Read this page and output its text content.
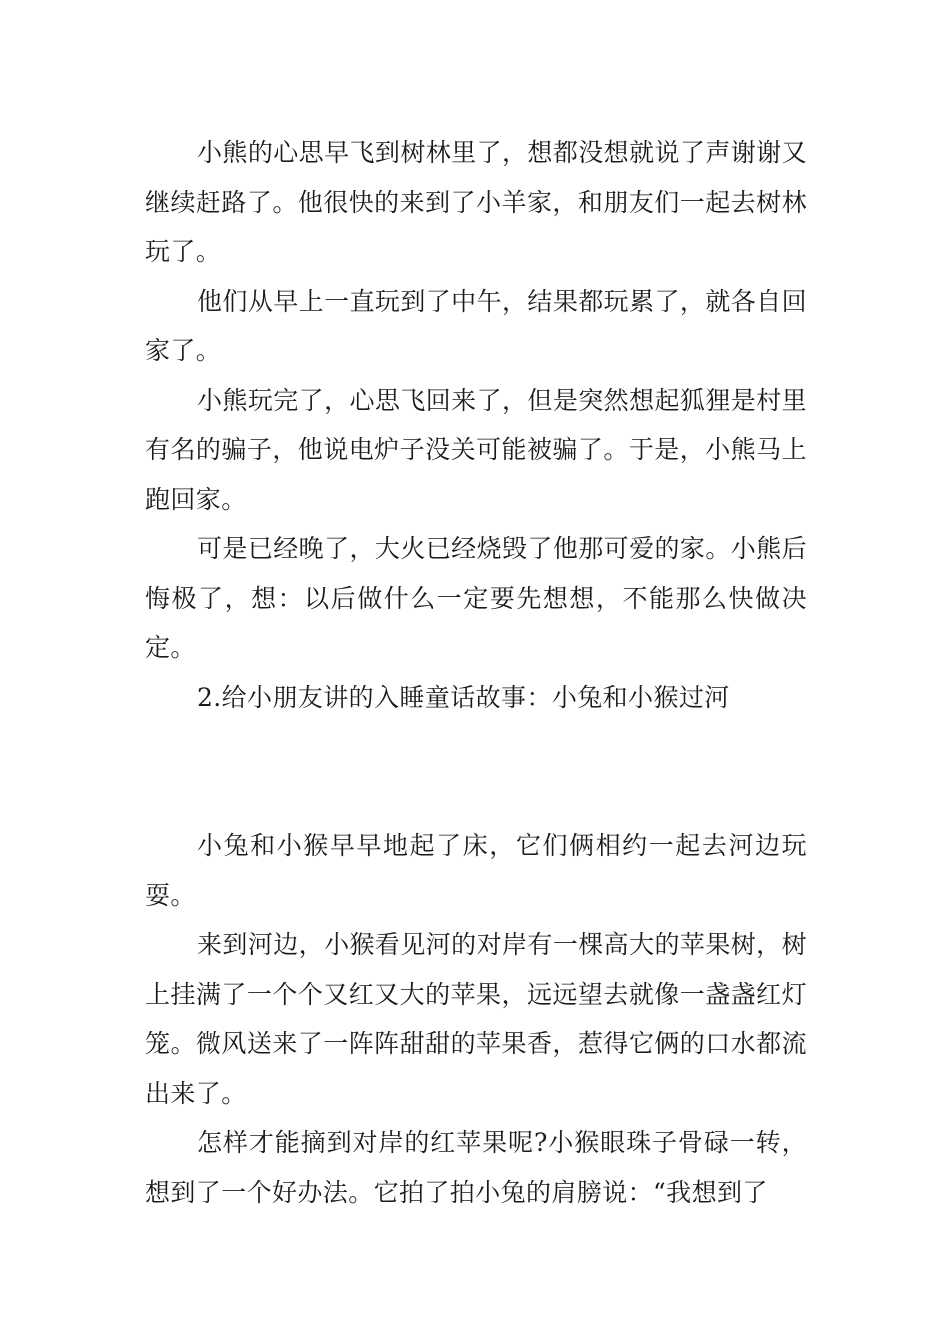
小熊的心思早飞到树林里了，想都没想就说了声谢谢又继续赶路了。他很快的来到了小羊家，和朋友们一起去树林玩了。

他们从早上一直玩到了中午，结果都玩累了，就各自回家了。

小熊玩完了，心思飞回来了，但是突然想起狐狸是村里有名的骗子，他说电炉子没关可能被骗了。于是，小熊马上跑回家。

可是已经晚了，大火已经烧毁了他那可爱的家。小熊后悔极了，想：以后做什么一定要先想想，不能那么快做决定。

2.给小朋友讲的入睡童话故事：小兔和小猴过河

小兔和小猴早早地起了床，它们俩相约一起去河边玩耍。

来到河边，小猴看见河的对岸有一棵高大的苹果树，树上挂满了一个个又红又大的苹果，远远望去就像一盏盏红灯笼。微风送来了一阵阵甜甜的苹果香，惹得它俩的口水都流出来了。

怎样才能摘到对岸的红苹果呢?小猴眼珠子骨碌一转，想到了一个好办法。它拍了拍小兔的肩膀说：“我想到了
